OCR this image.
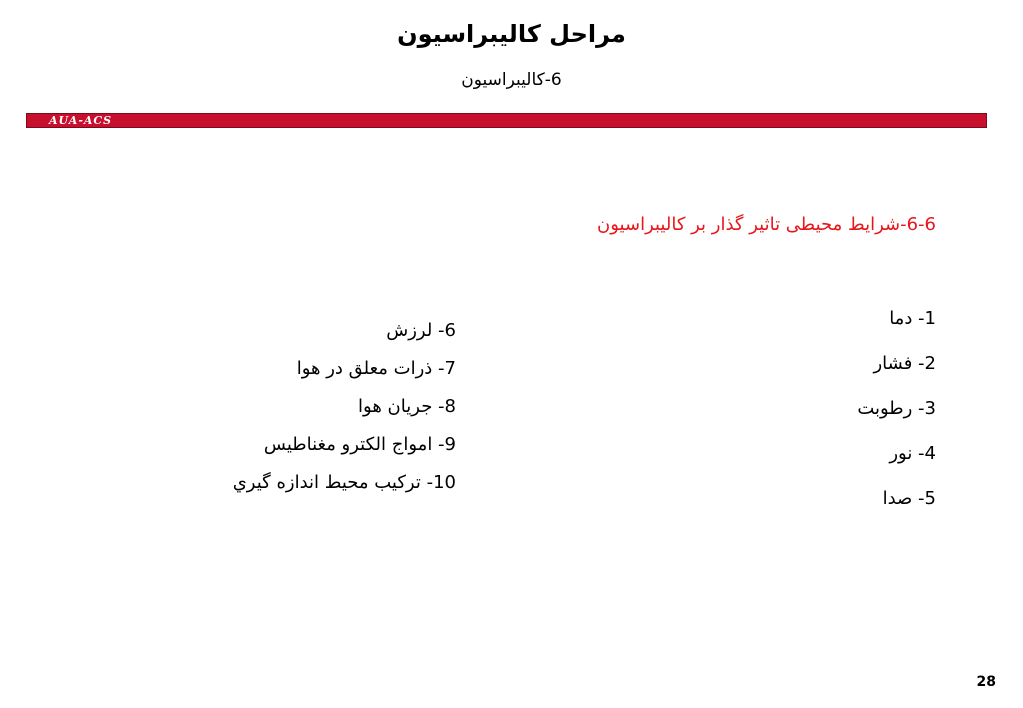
مراحل كاليبراسيون
6-كاليبراسيون
AUA-ACS
6-6-شرایط محیطی تاثیر گذار بر کالیبراسیون
1- دما
2- فشار
3- رطوبت
4- نور
5- صدا
6- لرزش
7- ذرات معلق در هوا
8- جریان هوا
9- امواج الکترو مغناطیس
10- ترکیب محیط اندازه گیري
28
